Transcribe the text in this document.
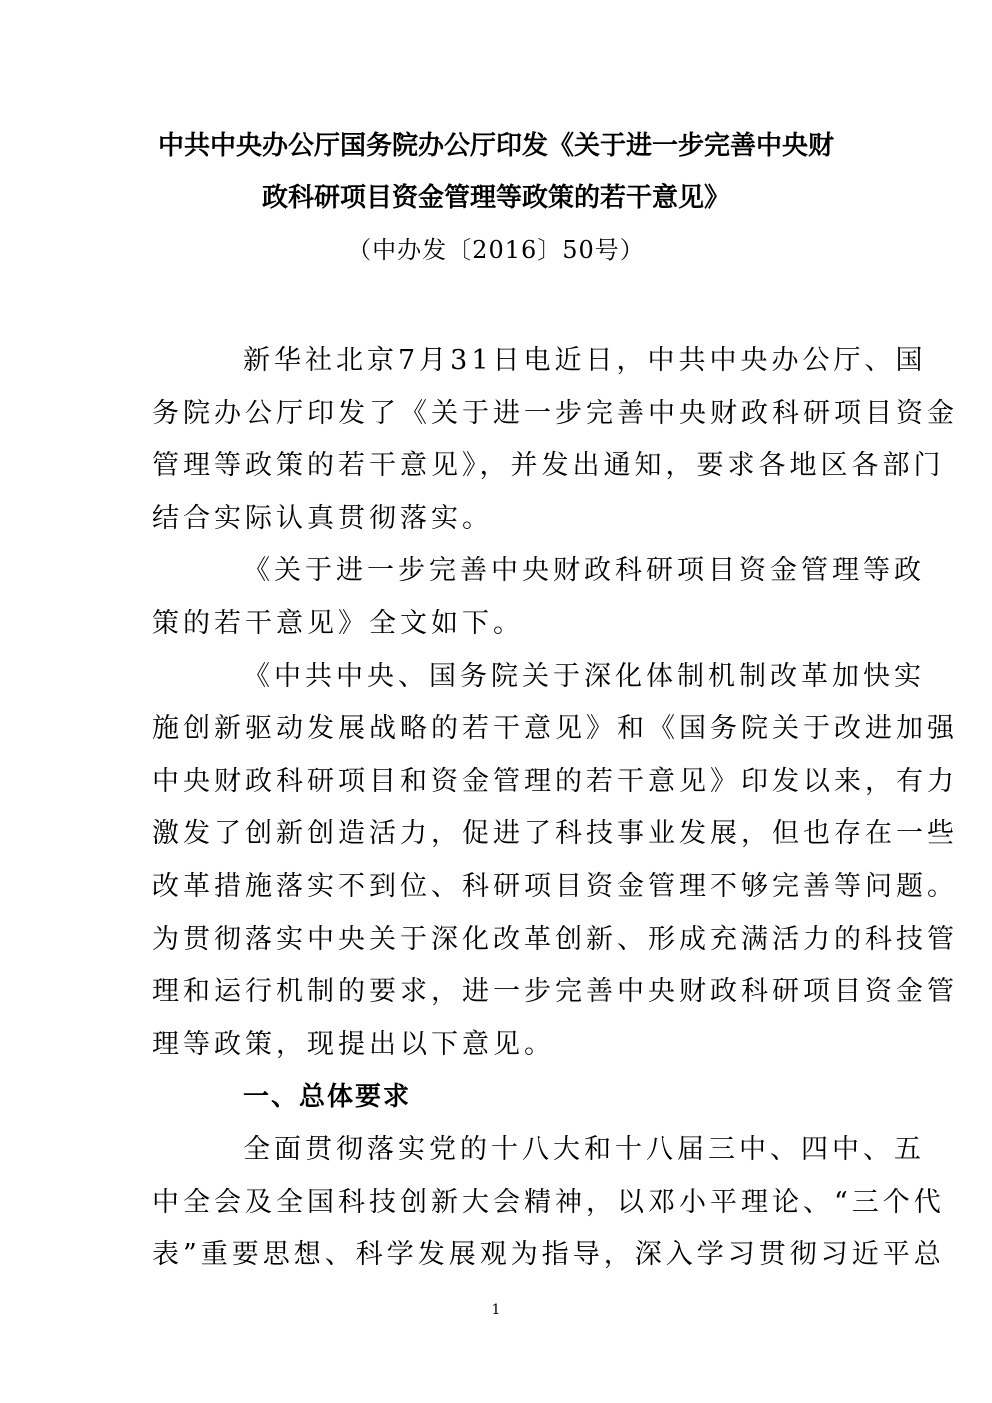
中共中央办公厅国务院办公厅印发《关于进一步完善中央财
政科研项目资金管理等政策的若干意见》
（中办发〔2016〕50号）

新华社北京7月31日电近日，中共中央办公厅、国
务院办公厅印发了《关于进一步完善中央财政科研项目资金
管理等政策的若干意见》，并发出通知，要求各地区各部门
结合实际认真贯彻落实。

《关于进一步完善中央财政科研项目资金管理等政
策的若干意见》全文如下。

《中共中央、国务院关于深化体制机制改革加快实
施创新驱动发展战略的若干意见》和《国务院关于改进加强
中央财政科研项目和资金管理的若干意见》印发以来，有力
激发了创新创造活力，促进了科技事业发展，但也存在一些
改革措施落实不到位、科研项目资金管理不够完善等问题。
为贯彻落实中央关于深化改革创新、形成充满活力的科技管
理和运行机制的要求，进一步完善中央财政科研项目资金管
理等政策，现提出以下意见。

一、总体要求

全面贯彻落实党的十八大和十八届三中、四中、五
中全会及全国科技创新大会精神，以邓小平理论、“三个代
表”重要思想、科学发展观为指导，深入学习贯彻习近平总

1
